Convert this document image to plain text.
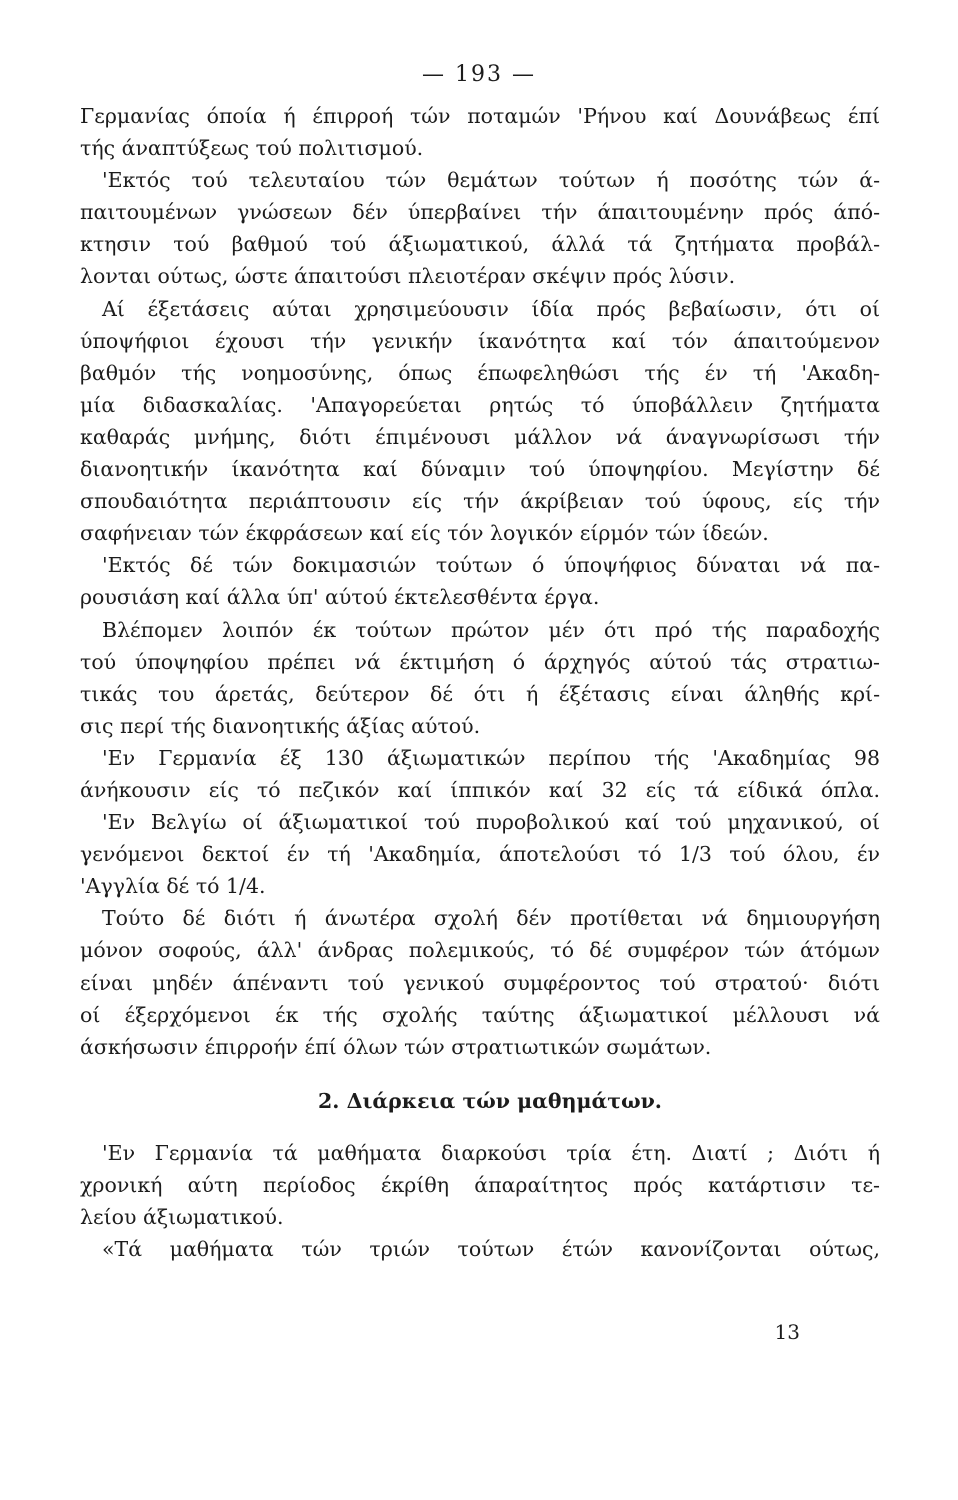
— 193 —
Γερμανίας όποία ή έπιρροή τών ποταμών 'Ρήνου καί Δουνάβεως έπί
τής άναπτύξεως τού πολιτισμού.
'Εκτός τού τελευταίου τών θεμάτων τούτων ή ποσότης τών ά-
παιτουμένων γνώσεων δέν ύπερβαίνει τήν άπαιτουμένην πρός άπό-
κτησιν τού βαθμού τού άξιωματικού, άλλά τά ζητήματα προβάλ-
λονται ούτως, ώστε άπαιτούσι πλειοτέραν σκέψιν πρός λύσιν.
Αί έξετάσεις αύται χρησιμεύουσιν ίδία πρός βεβαίωσιν, ότι οί
ύποψήφιοι έχουσι τήν γενικήν ίκανότητα καί τόν άπαιτούμενον
βαθμόν τής νοημοσύνης, όπως έπωφεληθώσι τής έν τή 'Ακαδη-
μία διδασκαλίας. 'Απαγορεύεται ρητώς τό ύποβάλλειν ζητήματα
καθαράς μνήμης, διότι έπιμένουσι μάλλον νά άναγνωρίσωσι τήν
διανοητικήν ίκανότητα καί δύναμιν τού ύποψηφίου. Μεγίστην δέ
σπουδαιότητα περιάπτουσιν είς τήν άκρίβειαν τού ύφους, είς τήν
σαφήνειαν τών έκφράσεων καί είς τόν λογικόν είρμόν τών ίδεών.
'Εκτός δέ τών δοκιμασιών τούτων ό ύποψήφιος δύναται νά πα-
ρουσιάση καί άλλα ύπ' αύτού έκτελεσθέντα έργα.
Βλέπομεν λοιπόν έκ τούτων πρώτον μέν ότι πρό τής παραδοχής
τού ύποψηφίου πρέπει νά έκτιμήση ό άρχηγός αύτού τάς στρατιω-
τικάς του άρετάς, δεύτερον δέ ότι ή έξέτασις είναι άληθής κρί-
σις περί τής διανοητικής άξίας αύτού.
'Εν Γερμανία έξ 130 άξιωματικών περίπου τής 'Ακαδημίας 98
άνήκουσιν είς τό πεζικόν καί ίππικόν καί 32 είς τά είδικά όπλα.
'Εν Βελγίω οί άξιωματικοί τού πυροβολικού καί τού μηχανικού, οί
γενόμενοι δεκτοί έν τή 'Ακαδημία, άποτελούσι τό 1/3 τού όλου, έν
'Αγγλία δέ τό 1/4.
Τούτο δέ διότι ή άνωτέρα σχολή δέν προτίθεται νά δημιουργήση
μόνον σοφούς, άλλ' άνδρας πολεμικούς, τό δέ συμφέρον τών άτόμων
είναι μηδέν άπέναντι τού γενικού συμφέροντος τού στρατού· διότι
οί έξερχόμενοι έκ τής σχολής ταύτης άξιωματικοί μέλλουσι νά
άσκήσωσιν έπιρροήν έπί όλων τών στρατιωτικών σωμάτων.
2. Διάρκεια τών μαθημάτων.
'Εν Γερμανία τά μαθήματα διαρκούσι τρία έτη. Διατί ; Διότι ή
χρονική αύτη περίοδος έκρίθη άπαραίτητος πρός κατάρτισιν τε-
λείου άξιωματικού.
«Τά μαθήματα τών τριών τούτων έτών κανονίζονται ούτως,
13
